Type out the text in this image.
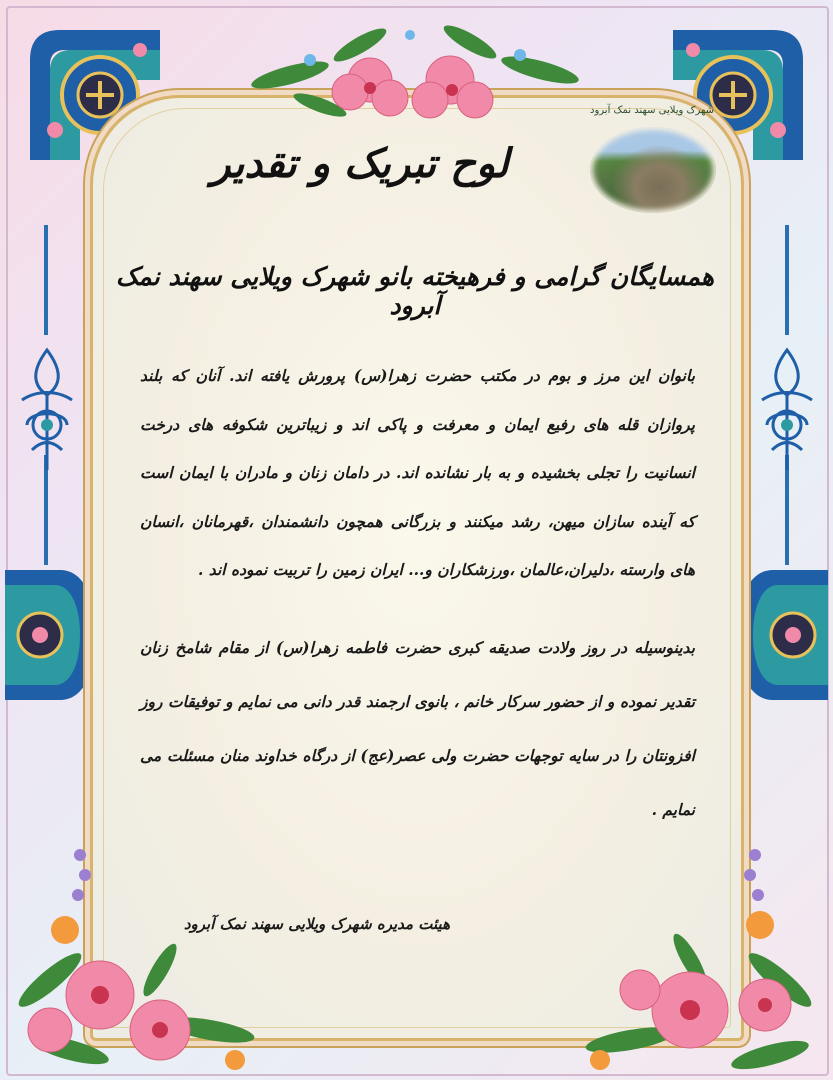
شهرک ویلایی سهند نمک آبرود
لوح تبریک و تقدیر
همسایگان گرامی و فرهیخته بانو شهرک ویلایی سهند نمک آبرود

بانوان این مرز و بوم در مکتب حضرت زهرا(س) پرورش یافته اند. آنان که بلند پروازان قله های رفیع ایمان و معرفت و پاکی اند و زیباترین شکوفه های درخت انسانیت را تجلی بخشیده و به بار نشانده اند. در دامان زنان و مادران با ایمان است که آینده سازان میهن، رشد میکنند و بزرگانی همچون دانشمندان ،قهرمانان ،انسان های وارسته ،دلیران،عالمان ،ورزشکاران و... ایران زمین را تربیت نموده اند .

بدینوسیله در روز ولادت صدیقه کبری حضرت فاطمه زهرا(س) از مقام شامخ زنان تقدیر نموده و از حضور سرکار خانم ، بانوی ارجمند قدر دانی می نمایم و توفیقات روز افزونتان را در سایه توجهات حضرت ولی عصر(عج) از درگاه خداوند منان مسئلت می نمایم .

هیئت مدیره شهرک ویلایی سهند نمک آبرود
